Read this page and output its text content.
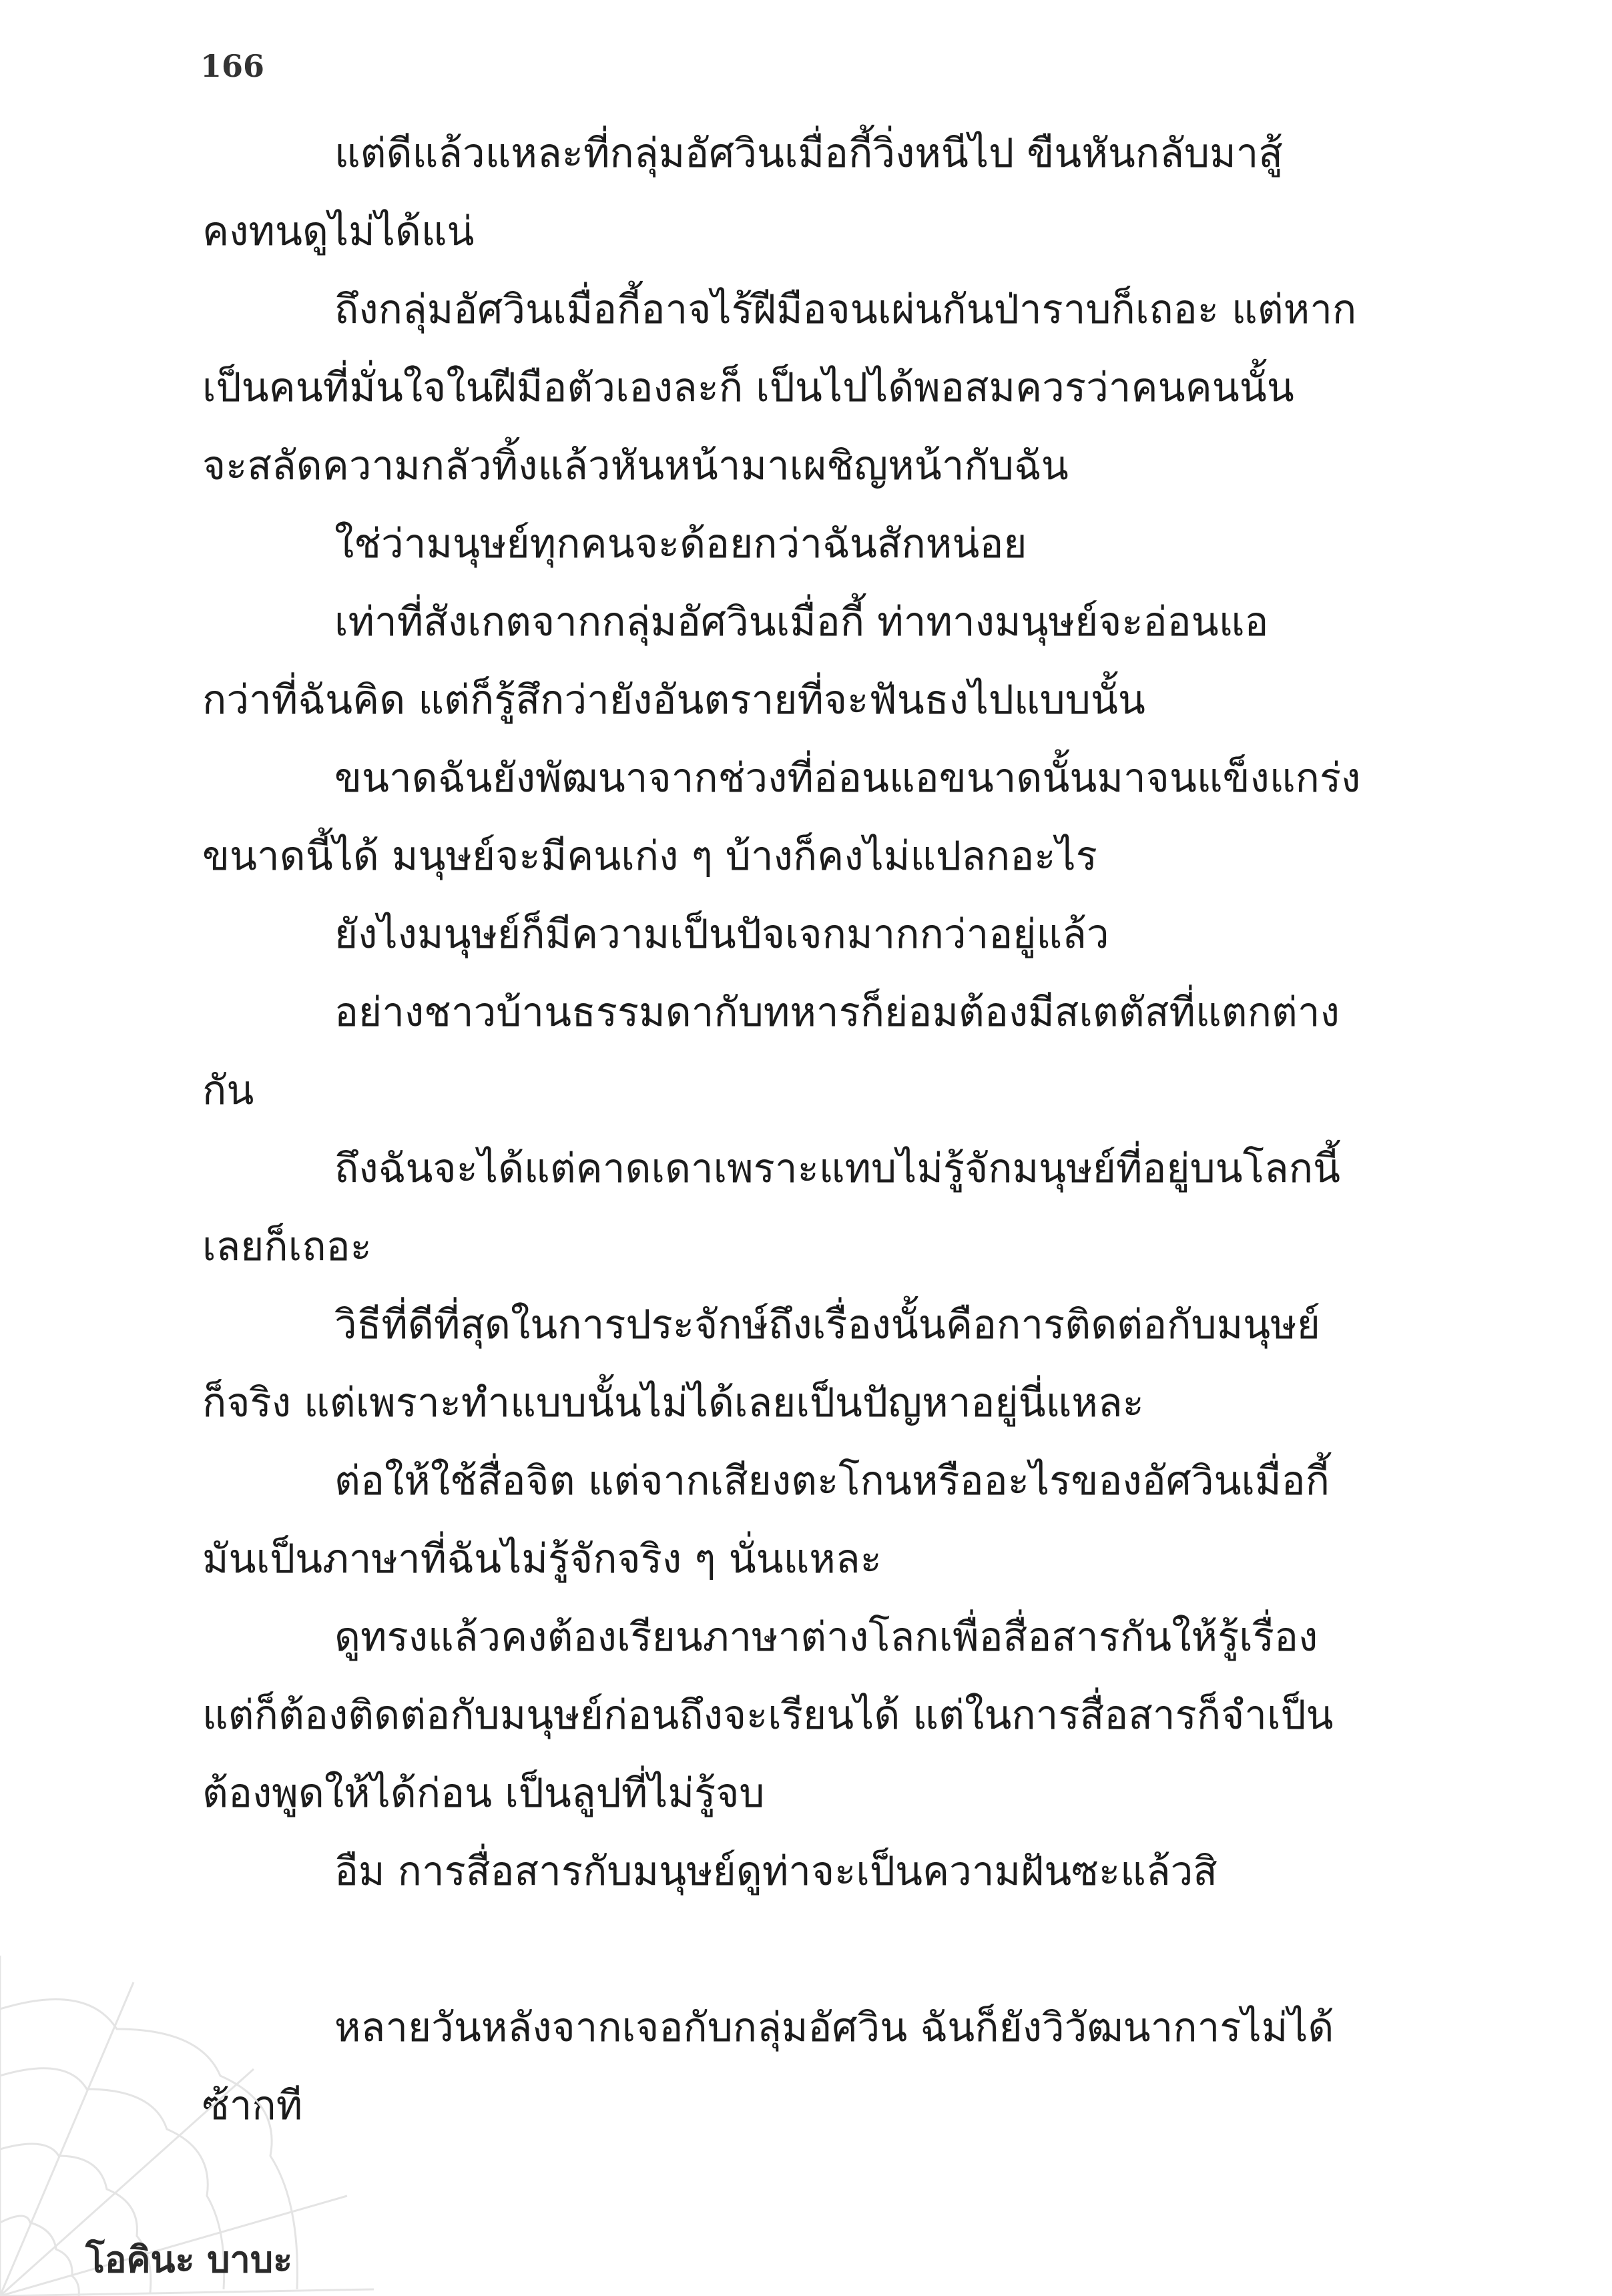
166
แต่ดีแล้วแหละที่กลุ่มอัศวินเมื่อกี้วิ่งหนีไป ขืนหันกลับมาสู้
คงทนดูไม่ได้แน่
ถึงกลุ่มอัศวินเมื่อกี้อาจไร้ฝีมือจนเผ่นกันป่าราบก็เถอะ แต่หาก
เป็นคนที่มั่นใจในฝีมือตัวเองละก็ เป็นไปได้พอสมควรว่าคนคนนั้น
จะสลัดความกลัวทิ้งแล้วหันหน้ามาเผชิญหน้ากับฉัน
ใช่ว่ามนุษย์ทุกคนจะด้อยกว่าฉันสักหน่อย
เท่าที่สังเกตจากกลุ่มอัศวินเมื่อกี้ ท่าทางมนุษย์จะอ่อนแอ
กว่าที่ฉันคิด แต่ก็รู้สึกว่ายังอันตรายที่จะฟันธงไปแบบนั้น
ขนาดฉันยังพัฒนาจากช่วงที่อ่อนแอขนาดนั้นมาจนแข็งแกร่ง
ขนาดนี้ได้ มนุษย์จะมีคนเก่ง ๆ บ้างก็คงไม่แปลกอะไร
ยังไงมนุษย์ก็มีความเป็นปัจเจกมากกว่าอยู่แล้ว
อย่างชาวบ้านธรรมดากับทหารก็ย่อมต้องมีสเตตัสที่แตกต่าง
กัน
ถึงฉันจะได้แต่คาดเดาเพราะแทบไม่รู้จักมนุษย์ที่อยู่บนโลกนี้
เลยก็เถอะ
วิธีที่ดีที่สุดในการประจักษ์ถึงเรื่องนั้นคือการติดต่อกับมนุษย์
ก็จริง แต่เพราะทำแบบนั้นไม่ได้เลยเป็นปัญหาอยู่นี่แหละ
ต่อให้ใช้สื่อจิต แต่จากเสียงตะโกนหรืออะไรของอัศวินเมื่อกี้
มันเป็นภาษาที่ฉันไม่รู้จักจริง ๆ นั่นแหละ
ดูทรงแล้วคงต้องเรียนภาษาต่างโลกเพื่อสื่อสารกันให้รู้เรื่อง
แต่ก็ต้องติดต่อกับมนุษย์ก่อนถึงจะเรียนได้ แต่ในการสื่อสารก็จำเป็น
ต้องพูดให้ได้ก่อน เป็นลูปที่ไม่รู้จบ
อืม การสื่อสารกับมนุษย์ดูท่าจะเป็นความฝันซะแล้วสิ
หลายวันหลังจากเจอกับกลุ่มอัศวิน ฉันก็ยังวิวัฒนาการไม่ได้
ซ้ากที
โอคินะ บาบะ
